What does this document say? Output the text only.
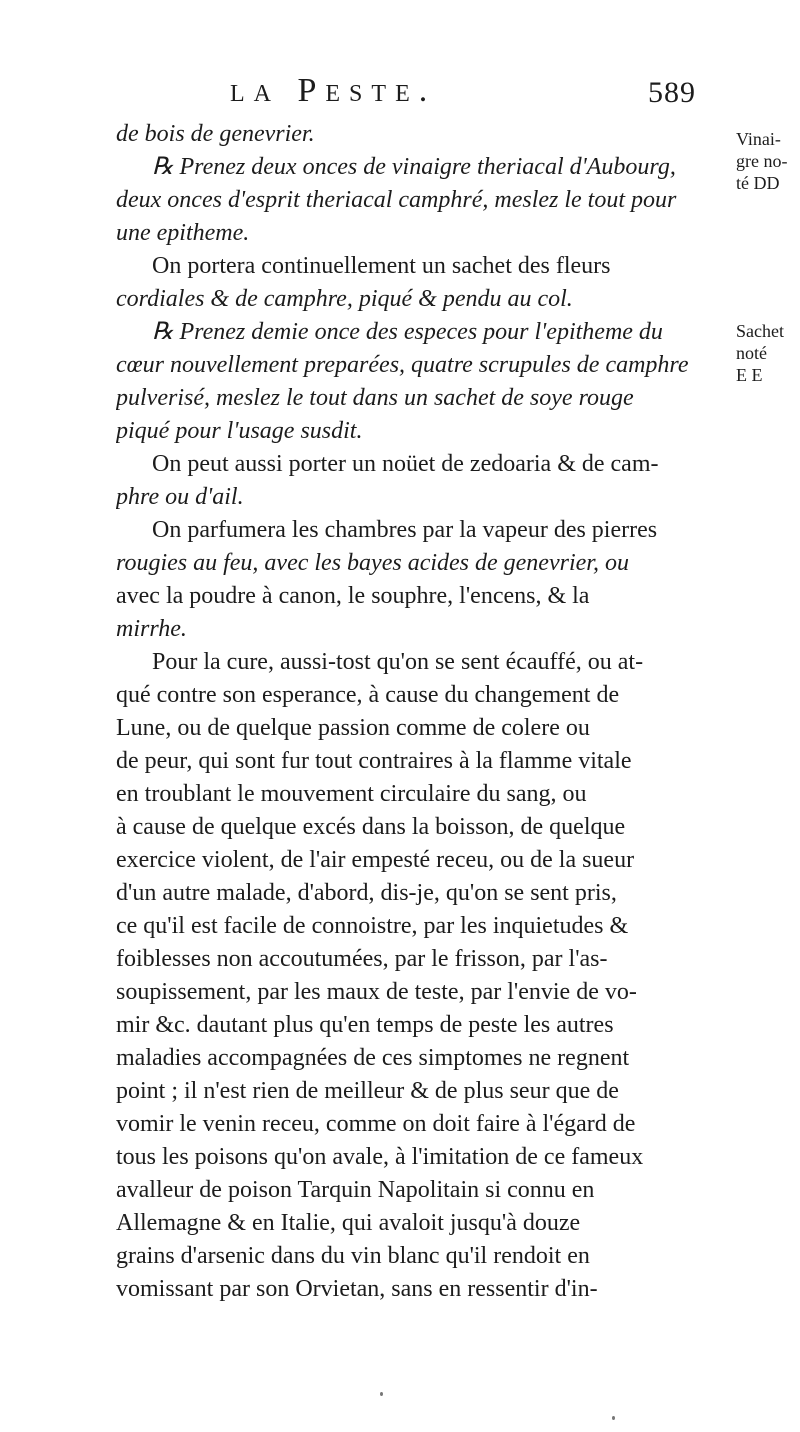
la Peste.	589
de bois de genevrier.
℞ Prenez deux onces de vinaigre theriacal d'Aubourg,
deux onces d'esprit theriacal camphré, meslez le tout pour
une epitheme.
On portera continuellement un sachet des fleurs
cordiales & de camphre, piqué & pendu au col.
℞ Prenez demie once des especes pour l'epitheme du
cœur nouvellement preparées, quatre scrupules de camphre
pulverisé, meslez le tout dans un sachet de soye rouge
piqué pour l'usage susdit.
On peut aussi porter un noüet de zedoaria & de cam-
phre ou d'ail.
On parfumera les chambres par la vapeur des pierres
rougies au feu, avec les bayes acides de genevrier, ou
avec la poudre à canon, le souphre, l'encens, & la
mirrhe.
Pour la cure, aussi-tost qu'on se sent écauffé, ou at-
qué contre son esperance, à cause du changement de
Lune, ou de quelque passion comme de colere ou
de peur, qui sont fur tout contraires à la flamme vitale
en troublant le mouvement circulaire du sang, ou
à cause de quelque excés dans la boisson, de quelque
exercice violent, de l'air empesté receu, ou de la sueur
d'un autre malade, d'abord, dis-je, qu'on se sent pris,
ce qu'il est facile de connoistre, par les inquietudes &
foiblesses non accoutumées, par le frisson, par l'as-
soupissement, par les maux de teste, par l'envie de vo-
mir &c. dautant plus qu'en temps de peste les autres
maladies accompagnées de ces simptomes ne regnent
point ; il n'est rien de meilleur & de plus seur que de
vomir le venin receu, comme on doit faire à l'égard de
tous les poisons qu'on avale, à l'imitation de ce fameux
avalleur de poison Tarquin Napolitain si connu en
Allemagne & en Italie, qui avaloit jusqu'à douze
grains d'arsenic dans du vin blanc qu'il rendoit en
vomissant par son Orvietan, sans en ressentir d'in-
Vinai-
gre no-
té DD
Sachet
noté
E E
